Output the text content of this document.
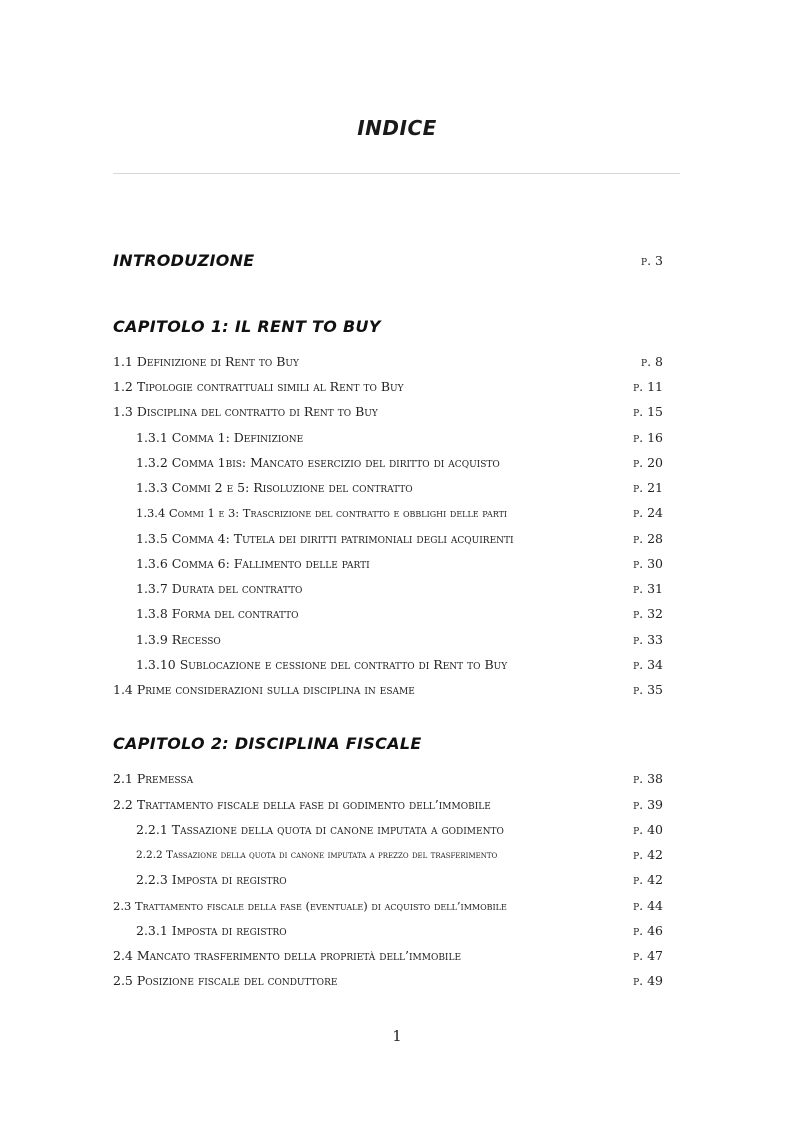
INDICE
INTRODUZIONE	p. 3
CAPITOLO 1: IL RENT TO BUY
1.1 Definizione di Rent to Buy	p. 8
1.2 Tipologie contrattuali simili al Rent to Buy	p. 11
1.3 Disciplina del contratto di Rent to Buy	p. 15
1.3.1 Comma 1: Definizione	p. 16
1.3.2 Comma 1bis: Mancato esercizio del diritto di acquisto	p. 20
1.3.3 Commi 2 e 5: Risoluzione del contratto	p. 21
1.3.4 Commi 1 e 3: Trascrizione del contratto e obblighi delle parti	p. 24
1.3.5 Comma 4: Tutela dei diritti patrimoniali degli acquirenti	p. 28
1.3.6 Comma 6: Fallimento delle parti	p. 30
1.3.7 Durata del contratto	p. 31
1.3.8 Forma del contratto	p. 32
1.3.9 Recesso	p. 33
1.3.10 Sublocazione e cessione del contratto di Rent to Buy	p. 34
1.4 Prime considerazioni sulla disciplina in esame	p. 35
CAPITOLO 2: DISCIPLINA FISCALE
2.1 Premessa	p. 38
2.2 Trattamento fiscale della fase di godimento dell’immobile	p. 39
2.2.1 Tassazione della quota di canone imputata a godimento	p. 40
2.2.2 Tassazione della quota di canone imputata a prezzo del trasferimento	p. 42
2.2.3 Imposta di registro	p. 42
2.3 Trattamento fiscale della fase (eventuale) di acquisto dell’immobile	p. 44
2.3.1 Imposta di registro	p. 46
2.4 Mancato trasferimento della proprietà dell’immobile	p. 47
2.5 Posizione fiscale del conduttore	p. 49
1
